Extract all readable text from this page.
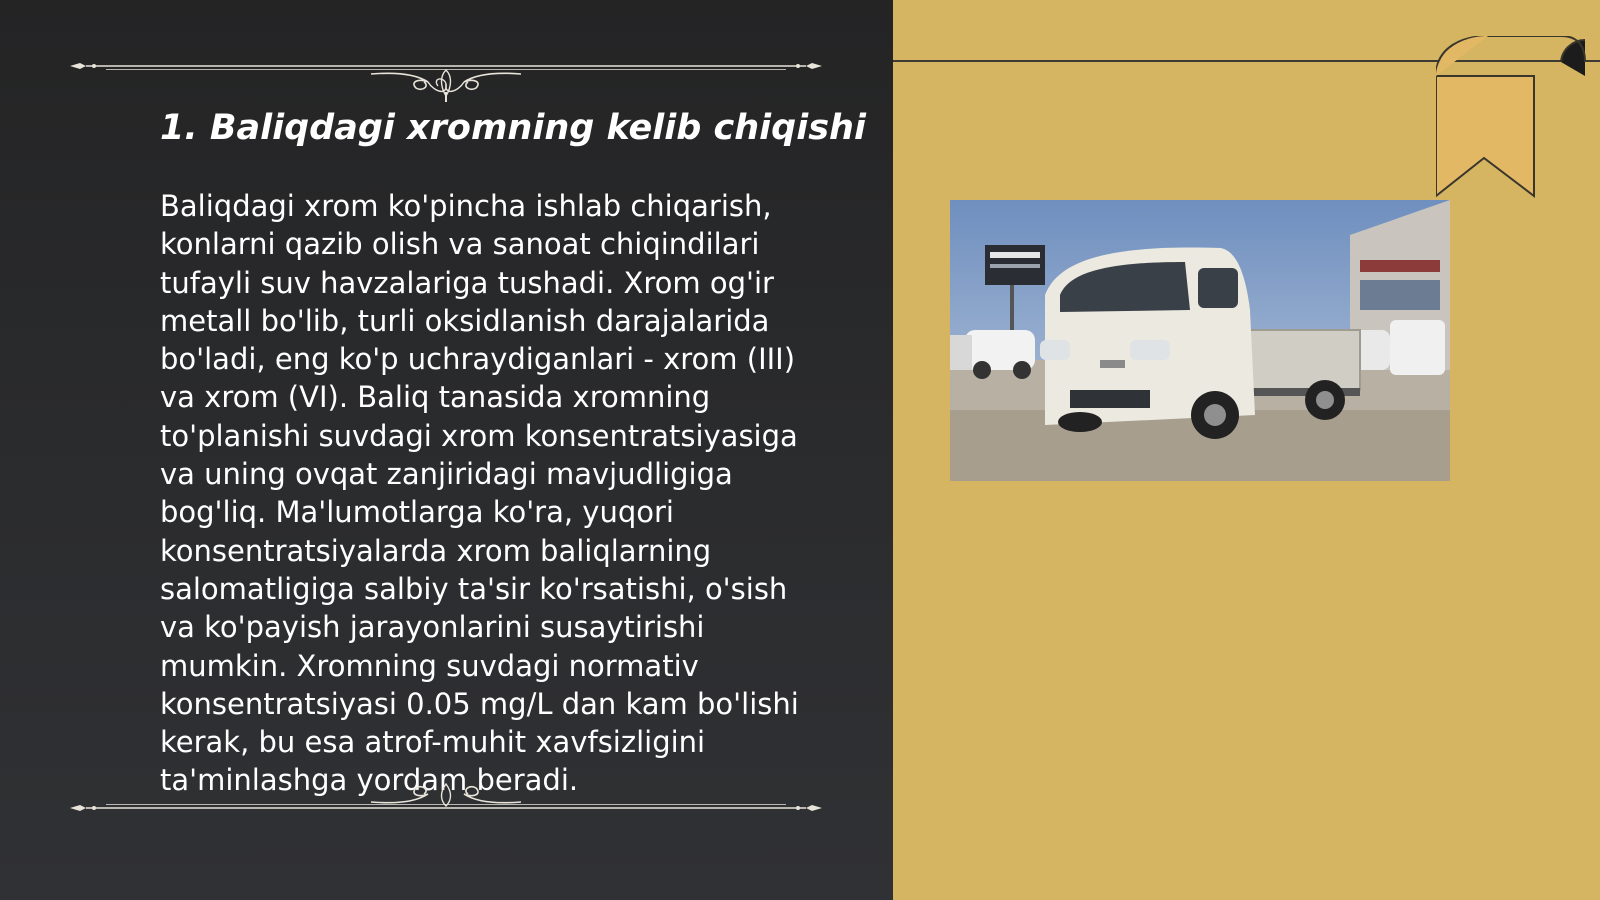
1. Baliqdagi xromning kelib chiqishi

Baliqdagi xrom ko'pincha ishlab chiqarish, konlarni qazib olish va sanoat chiqindilari tufayli suv havzalariga tushadi. Xrom og'ir metall bo'lib, turli oksidlanish darajalarida bo'ladi, eng ko'p uchraydiganlari - xrom (III) va xrom (VI). Baliq tanasida xromning to'planishi suvdagi xrom konsentratsiyasiga va uning ovqat zanjiridagi mavjudligiga bog'liq. Ma'lumotlarga ko'ra, yuqori konsentratsiyalarda xrom baliqlarning salomatligiga salbiy ta'sir ko'rsatishi, o'sish va ko'payish jarayonlarini susaytirishi mumkin. Xromning suvdagi normativ konsentratsiyasi 0.05 mg/L dan kam bo'lishi kerak, bu esa atrof-muhit xavfsizligini ta'minlashga yordam beradi.
